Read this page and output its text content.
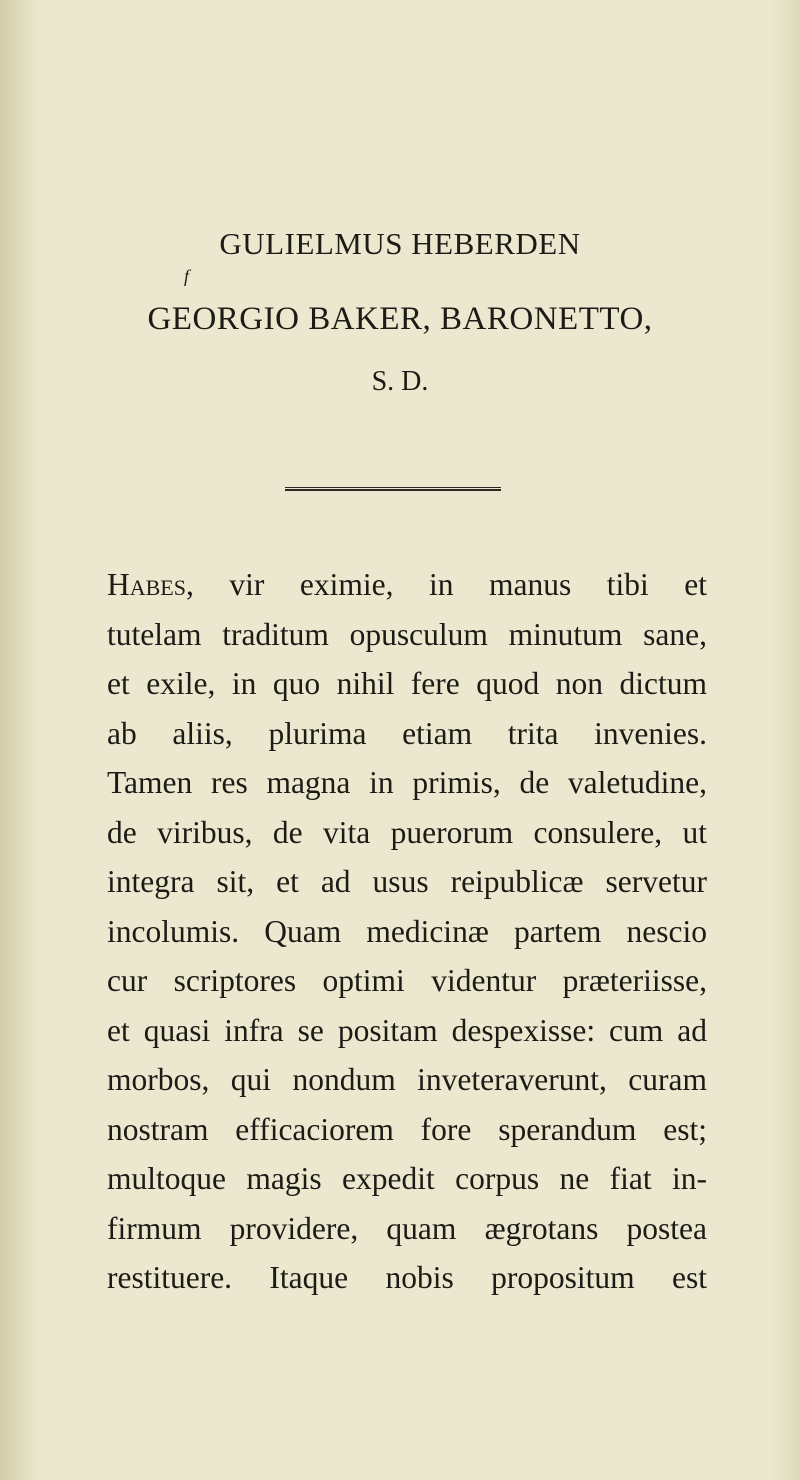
GULIELMUS HEBERDEN
f
GEORGIO BAKER, BARONETTO,
S. D.
Habes, vir eximie, in manus tibi et
tutelam traditum opusculum minutum sane,
et exile, in quo nihil fere quod non dictum
ab aliis, plurima etiam trita invenies.
Tamen res magna in primis, de valetudine,
de viribus, de vita puerorum consulere, ut
integra sit, et ad usus reipublicæ servetur
incolumis. Quam medicinæ partem nescio
cur scriptores optimi videntur præteriisse,
et quasi infra se positam despexisse: cum ad
morbos, qui nondum inveteraverunt, curam
nostram efficaciorem fore sperandum est;
multoque magis expedit corpus ne fiat in-
firmum providere, quam ægrotans postea
restituere. Itaque nobis propositum est
